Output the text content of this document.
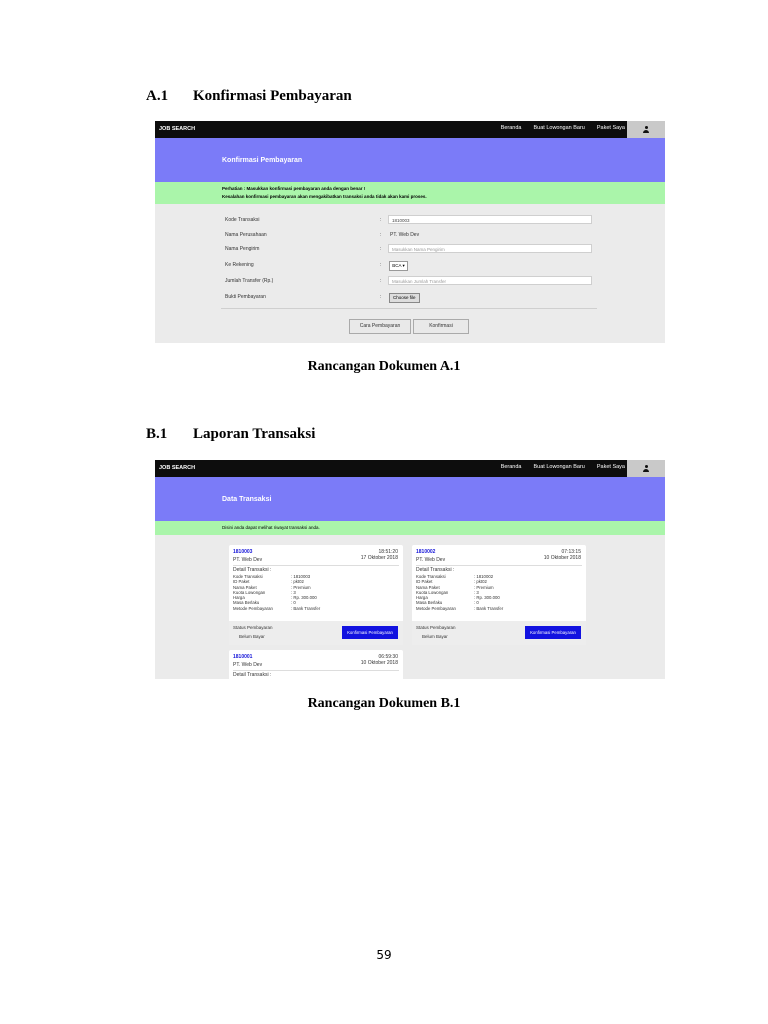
A.1 Konfirmasi Pembayaran
JOB SEARCH	Beranda Buat Lowongan Baru Paket Saya
Konfirmasi Pembayaran
Perhatian : Masukkan konfirmasi pembayaran anda dengan benar !
Kesalahan konfirmasi pembayaran akan mengakibatkan transaksi anda tidak akan kami proses.
Kode Transaksi	:	1810003
Nama Perusahaan	: PT. Web Dev
Nama Pengirim	:	Masukkan Nama Pengirim
Ke Rekening	:	BCA ▾
Jumlah Transfer (Rp.)	:	Masukkan Jumlah Transfer
Bukti Pembayaran	:	Choose file
Cara Pembayaran	Konfirmasi
Rancangan Dokumen A.1
B.1 Laporan Transaksi
JOB SEARCH	Beranda Buat Lowongan Baru Paket Saya
Data Transaksi
Disini anda dapat melihat riwayat transaksi anda.
1810003
PT. Web Dev
18:51:20
17 Oktober 2018
Detail Transaksi :
Kode Transaksi	: 1810003
ID Paket	: pkt02
Nama Paket	: Premium
Kuota Lowongan	: 3
Harga	: Rp. 300.000
Masa Berlaku	: 0
Metode Pembayaran	: Bank Transfer
Status Pembayaran
Belum Bayar
Konfirmasi Pembayaran
1810002
PT. Web Dev
07:13:15
10 Oktober 2018
Detail Transaksi :
Kode Transaksi	: 1810002
ID Paket	: pkt02
Nama Paket	: Premium
Kuota Lowongan	: 3
Harga	: Rp. 300.000
Masa Berlaku	: 0
Metode Pembayaran	: Bank Transfer
Status Pembayaran
Belum Bayar
Konfirmasi Pembayaran
1810001
PT. Web Dev
06:59:30
10 Oktober 2018
Detail Transaksi :
Rancangan Dokumen B.1
59
